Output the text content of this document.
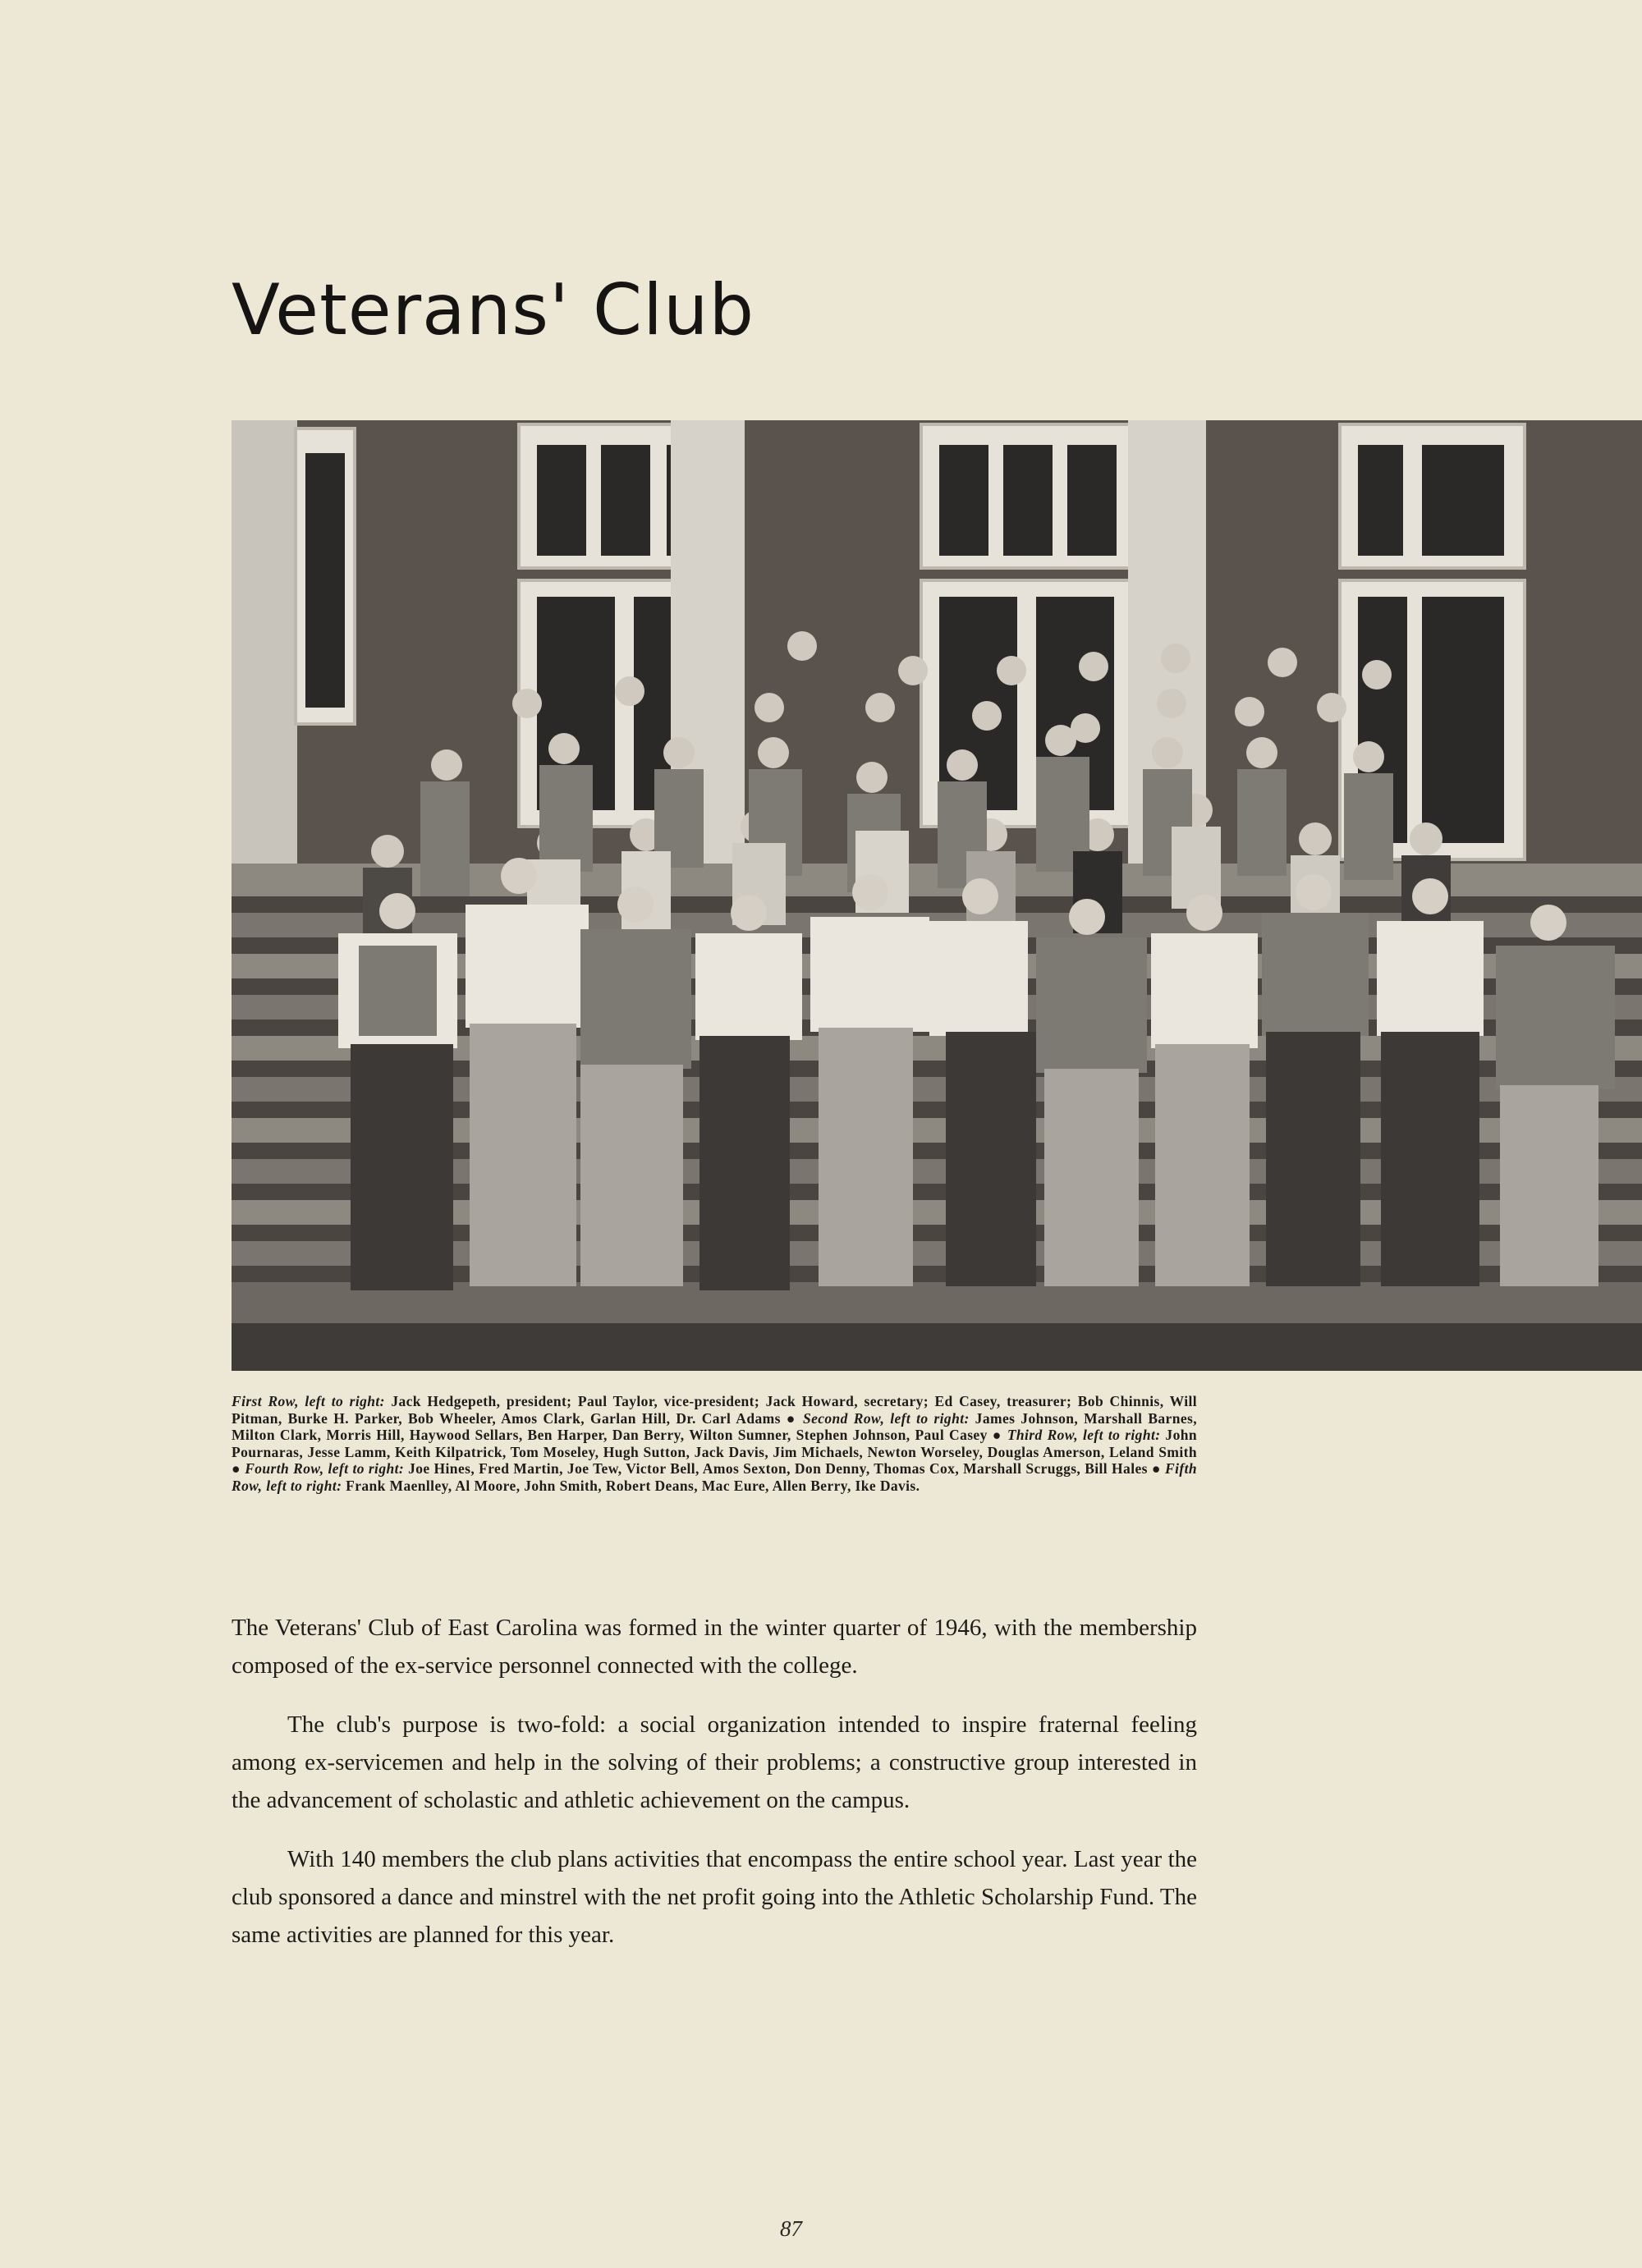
Veterans' Club
First Row, left to right: Jack Hedgepeth, president; Paul Taylor, vice-president; Jack Howard, secretary; Ed Casey, treasurer; Bob Chinnis, Will Pitman, Burke H. Parker, Bob Wheeler, Amos Clark, Garlan Hill, Dr. Carl Adams ● Second Row, left to right: James Johnson, Marshall Barnes, Milton Clark, Morris Hill, Haywood Sellars, Ben Harper, Dan Berry, Wilton Sumner, Stephen Johnson, Paul Casey ● Third Row, left to right: John Pournaras, Jesse Lamm, Keith Kilpatrick, Tom Moseley, Hugh Sutton, Jack Davis, Jim Michaels, Newton Worseley, Douglas Amerson, Leland Smith ● Fourth Row, left to right: Joe Hines, Fred Martin, Joe Tew, Victor Bell, Amos Sexton, Don Denny, Thomas Cox, Marshall Scruggs, Bill Hales ● Fifth Row, left to right: Frank Maenlley, Al Moore, John Smith, Robert Deans, Mac Eure, Allen Berry, Ike Davis.

The Veterans' Club of East Carolina was formed in the winter quarter of 1946, with the membership composed of the ex-service personnel connected with the college.

The club's purpose is two-fold: a social organization intended to inspire fraternal feeling among ex-servicemen and help in the solving of their problems; a constructive group interested in the advancement of scholastic and athletic achievement on the campus.

With 140 members the club plans activities that encompass the entire school year. Last year the club sponsored a dance and minstrel with the net profit going into the Athletic Scholarship Fund. The same activities are planned for this year.

87
